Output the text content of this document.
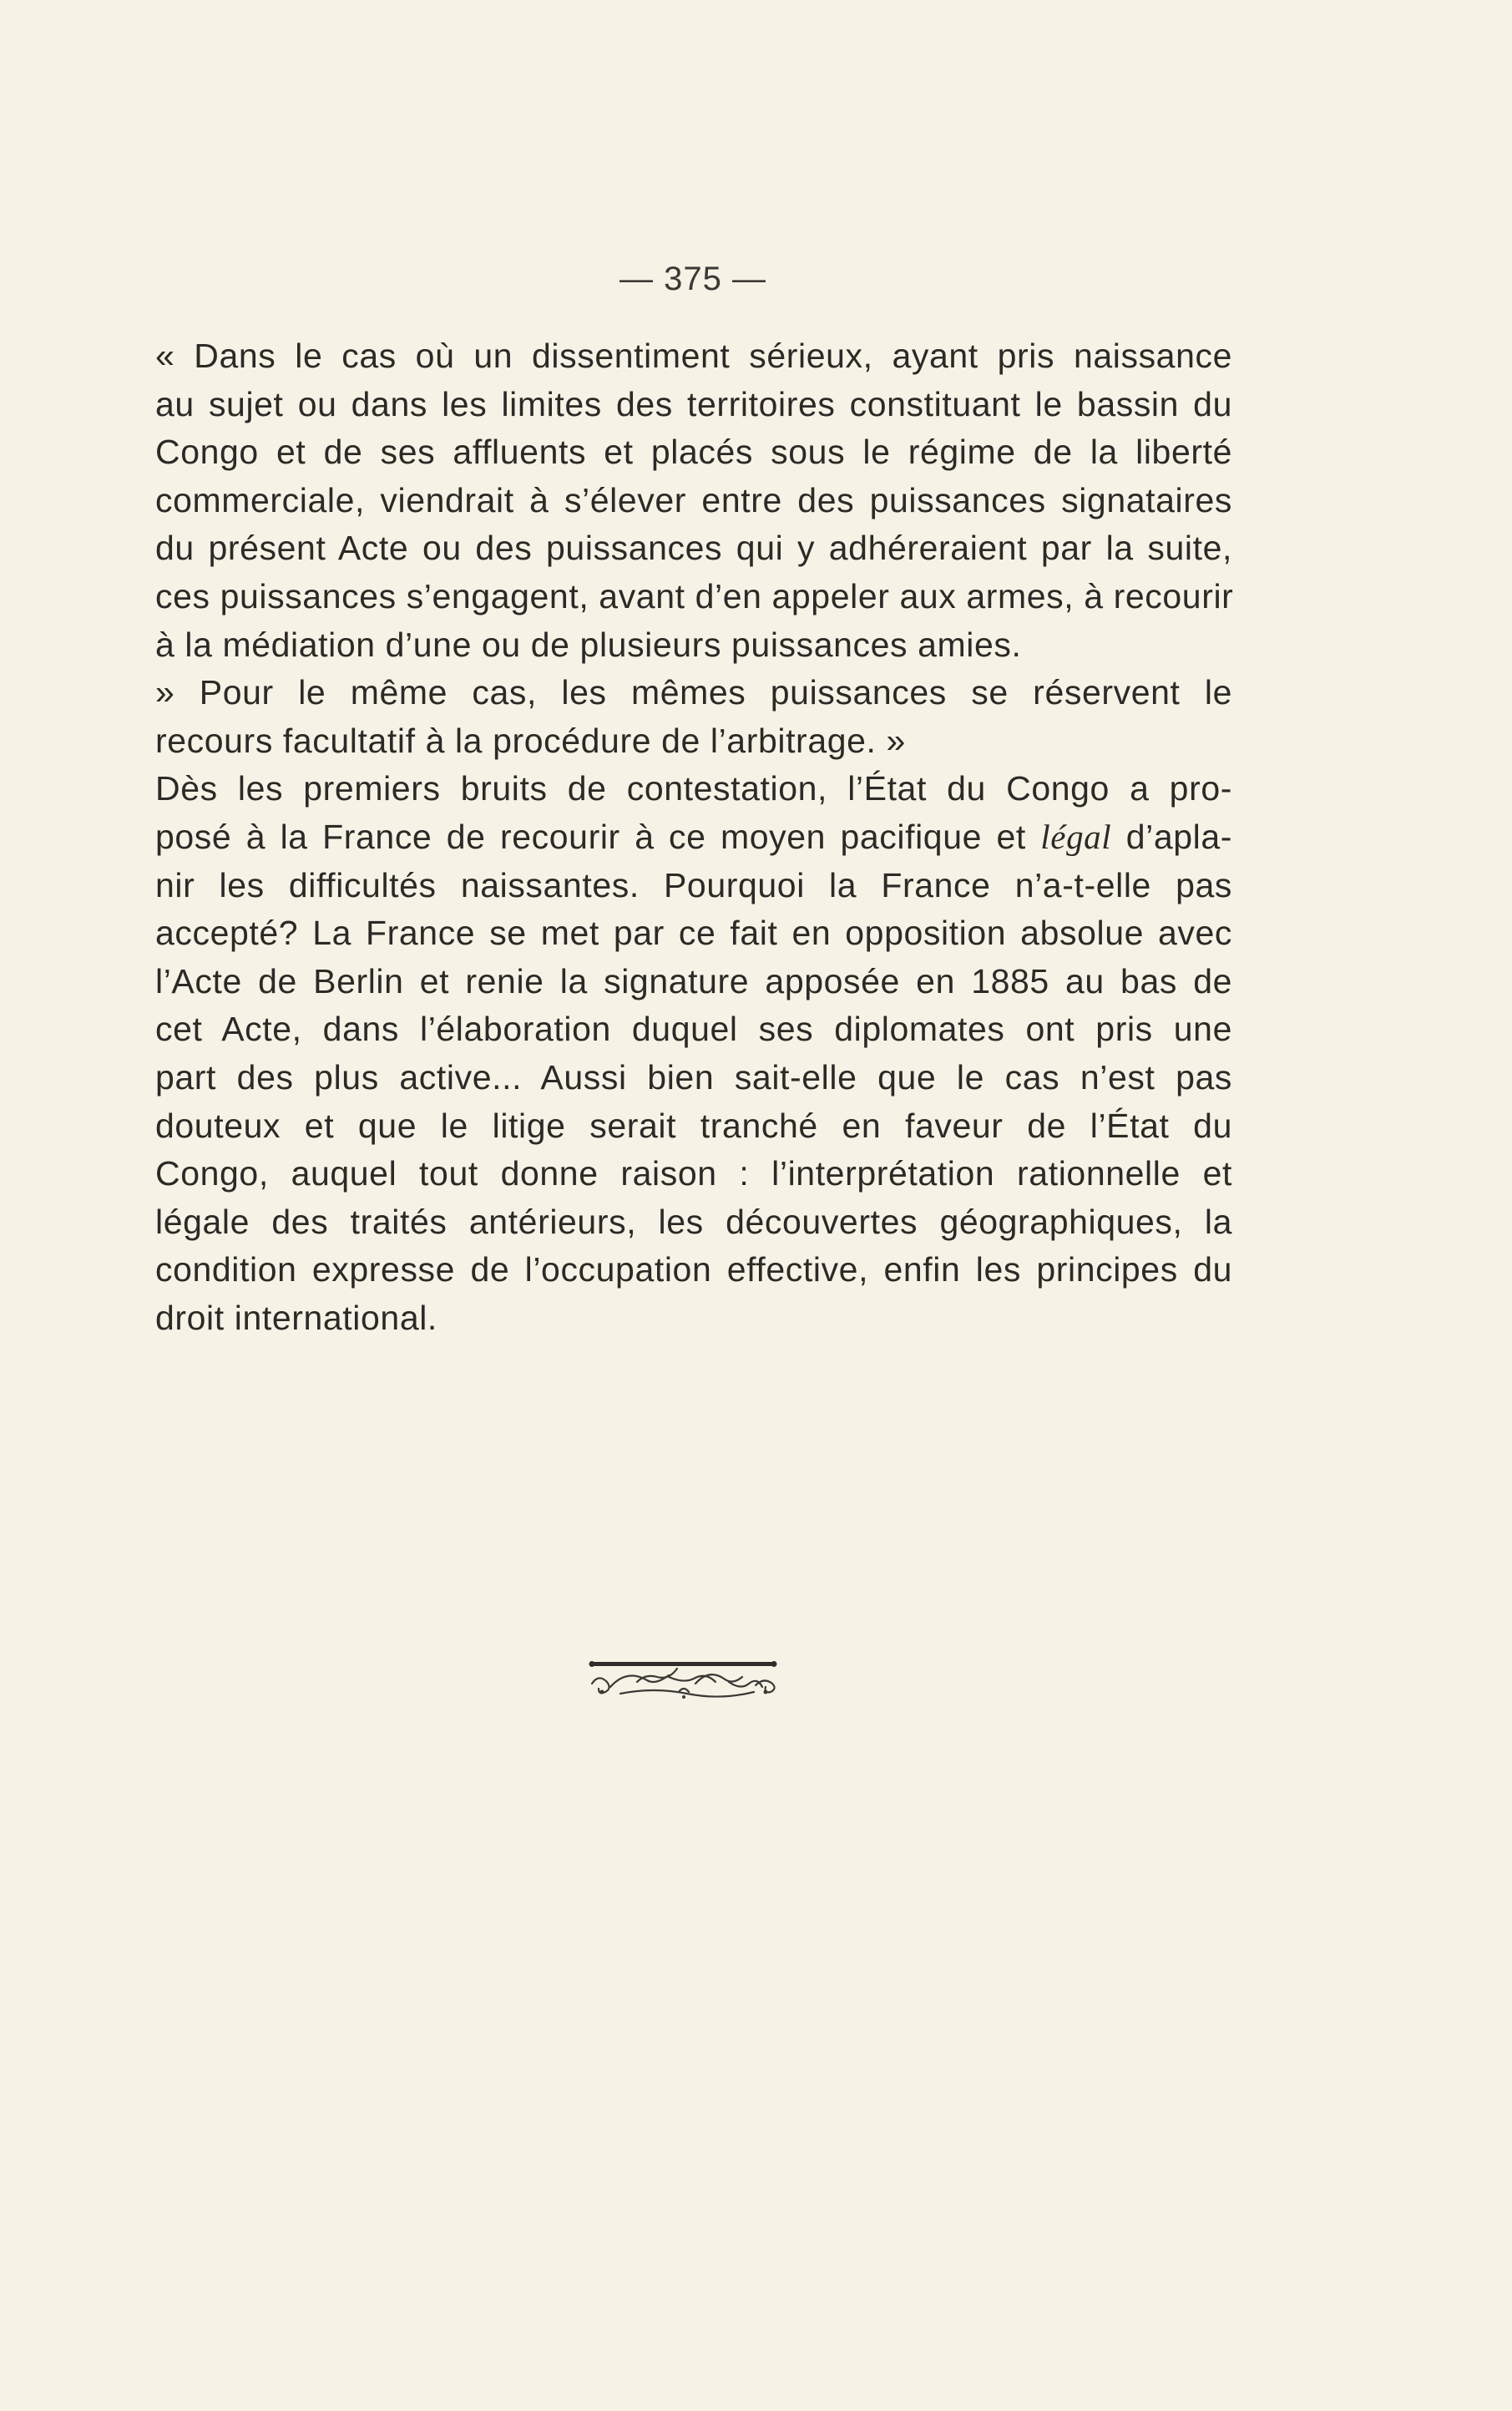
— 375 —
« Dans le cas où un dissentiment sérieux, ayant pris naissance
au sujet ou dans les limites des territoires constituant le bassin du
Congo et de ses affluents et placés sous le régime de la liberté
commerciale, viendrait à s’élever entre des puissances signataires
du présent Acte ou des puissances qui y adhéreraient par la suite,
ces puissances s’engagent, avant d’en appeler aux armes, à recourir
à la médiation d’une ou de plusieurs puissances amies.
» Pour le même cas, les mêmes puissances se réservent le
recours facultatif à la procédure de l’arbitrage. »
Dès les premiers bruits de contestation, l’État du Congo a pro-
posé à la France de recourir à ce moyen pacifique et légal d’apla-
nir les difficultés naissantes. Pourquoi la France n’a-t-elle pas
accepté? La France se met par ce fait en opposition absolue avec
l’Acte de Berlin et renie la signature apposée en 1885 au bas de
cet Acte, dans l’élaboration duquel ses diplomates ont pris une
part des plus active... Aussi bien sait-elle que le cas n’est pas
douteux et que le litige serait tranché en faveur de l’État du
Congo, auquel tout donne raison : l’interprétation rationnelle et
légale des traités antérieurs, les découvertes géographiques, la
condition expresse de l’occupation effective, enfin les principes du
droit international.
